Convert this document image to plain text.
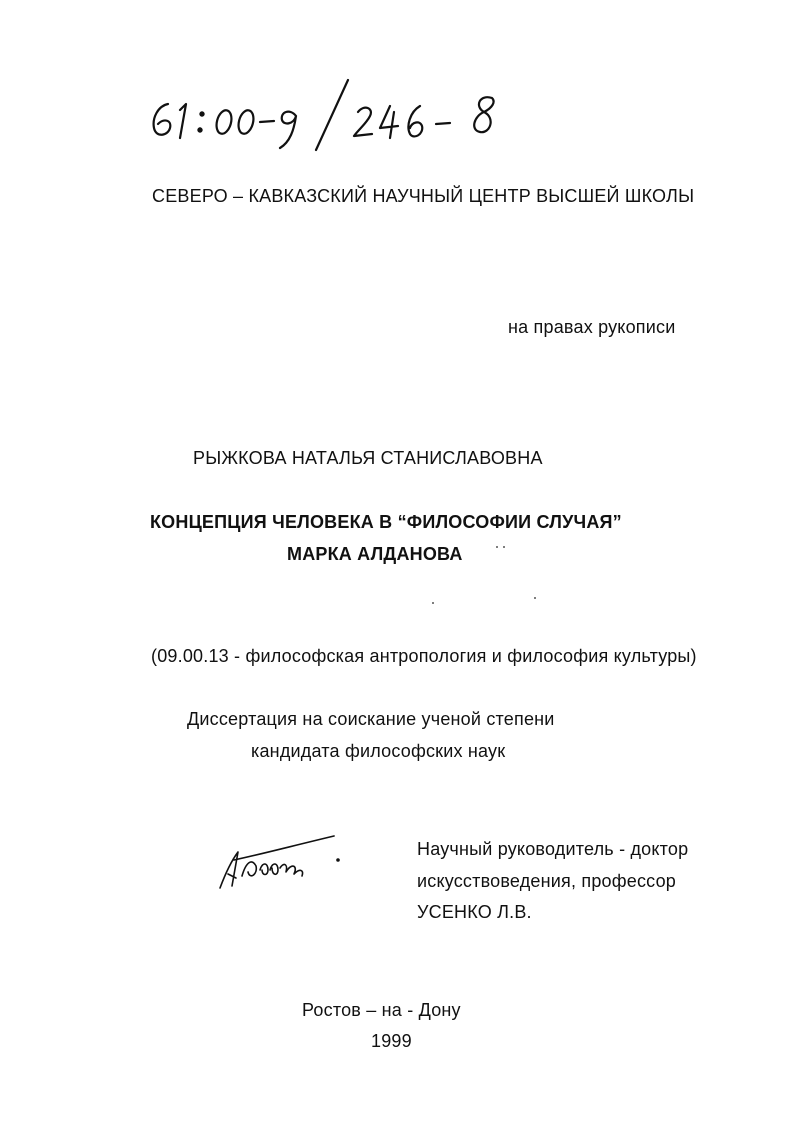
СЕВЕРО – КАВКАЗСКИЙ НАУЧНЫЙ ЦЕНТР ВЫСШЕЙ ШКОЛЫ
на правах рукописи
РЫЖКОВА НАТАЛЬЯ СТАНИСЛАВОВНА
КОНЦЕПЦИЯ ЧЕЛОВЕКА В “ФИЛОСОФИИ СЛУЧАЯ”
МАРКА АЛДАНОВА
(09.00.13 - философская антропология и философия культуры)
Диссертация на соискание ученой степени
кандидата философских наук
Научный руководитель - доктор
искусствоведения, профессор
УСЕНКО Л.В.
Ростов – на - Дону
1999
